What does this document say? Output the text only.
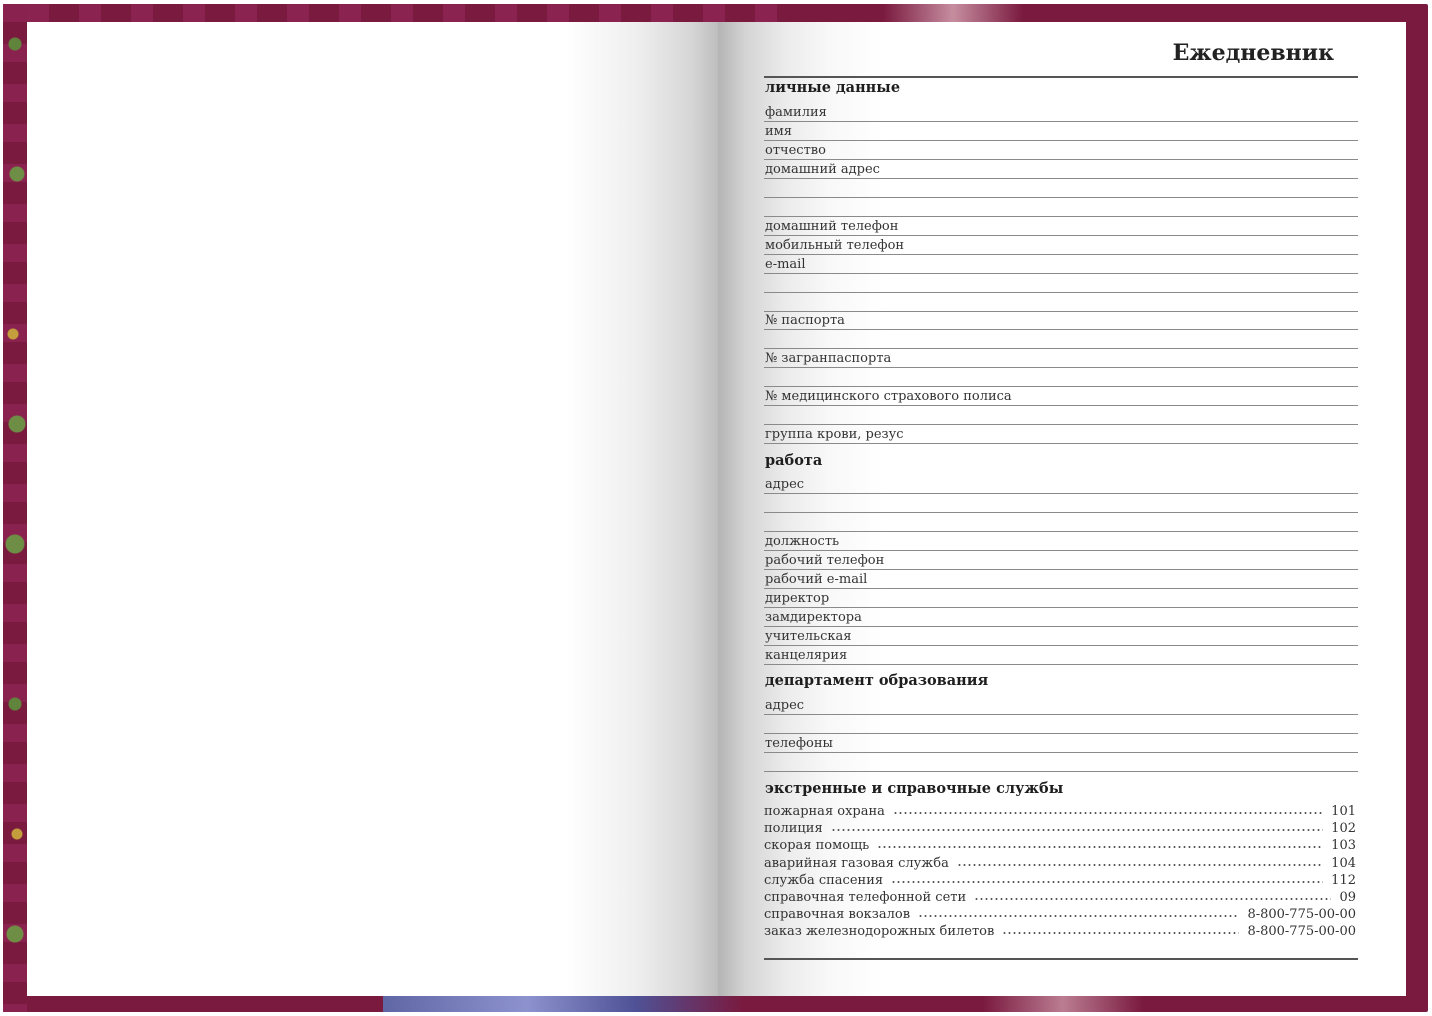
Ежедневник
личные данные
фамилия
имя
отчество
домашний адрес
домашний телефон
мобильный телефон
e-mail
№ паспорта
№ загранпаспорта
№ медицинского страхового полиса
группа крови, резус
работа
адрес
должность
рабочий телефон
рабочий e-mail
директор
замдиректора
учительская
канцелярия
департамент образования
адрес
телефоны
экстренные и справочные службы
пожарная охрана	101
полиция	102
скорая помощь	103
аварийная газовая служба	104
служба спасения	112
справочная телефонной сети	09
справочная вокзалов	8-800-775-00-00
заказ железнодорожных билетов	8-800-775-00-00
